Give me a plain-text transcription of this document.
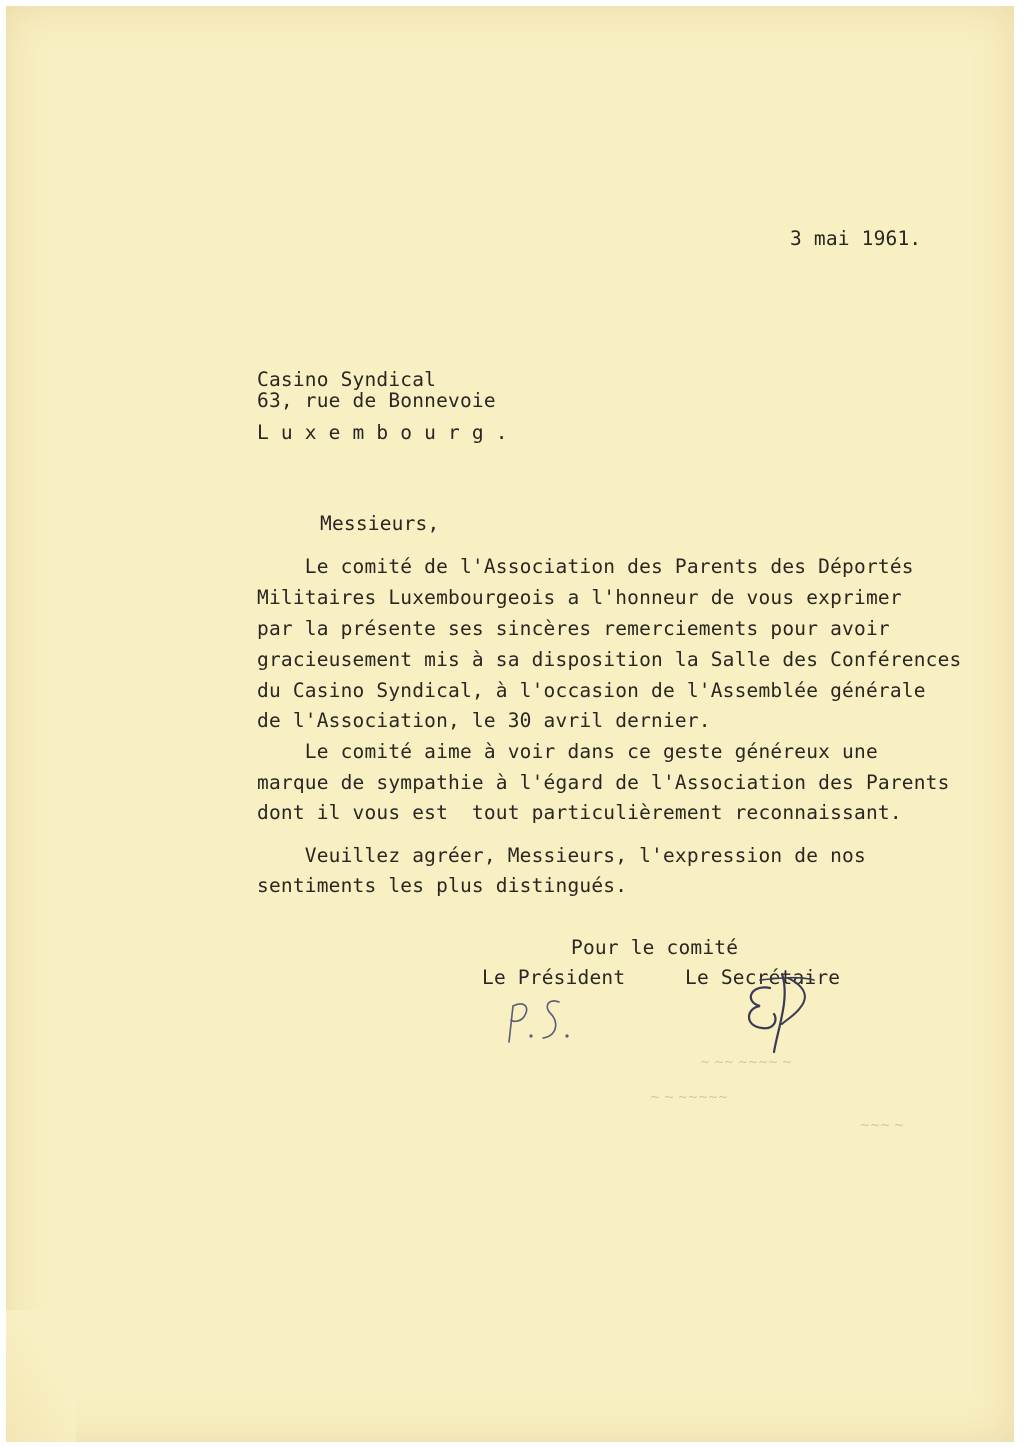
3 mai 1961.
Casino Syndical
63, rue de Bonnevoie
L u x e m b o u r g .
Messieurs,
Le comité de l'Association des Parents des Déportés
Militaires Luxembourgeois a l'honneur de vous exprimer
par la présente ses sincères remerciements pour avoir
gracieusement mis à sa disposition la Salle des Conférences
du Casino Syndical, à l'occasion de l'Assemblée générale
de l'Association, le 30 avril dernier.
Le comité aime à voir dans ce geste généreux une
marque de sympathie à l'égard de l'Association des Parents
dont il vous est  tout particulièrement reconnaissant.
Veuillez agréer, Messieurs, l'expression de nos
sentiments les plus distingués.
Pour le comité
Le Président	Le Secrétaire
~ ~~ ~~~~ ~
~ ~ ~~~~~
~~~ ~
